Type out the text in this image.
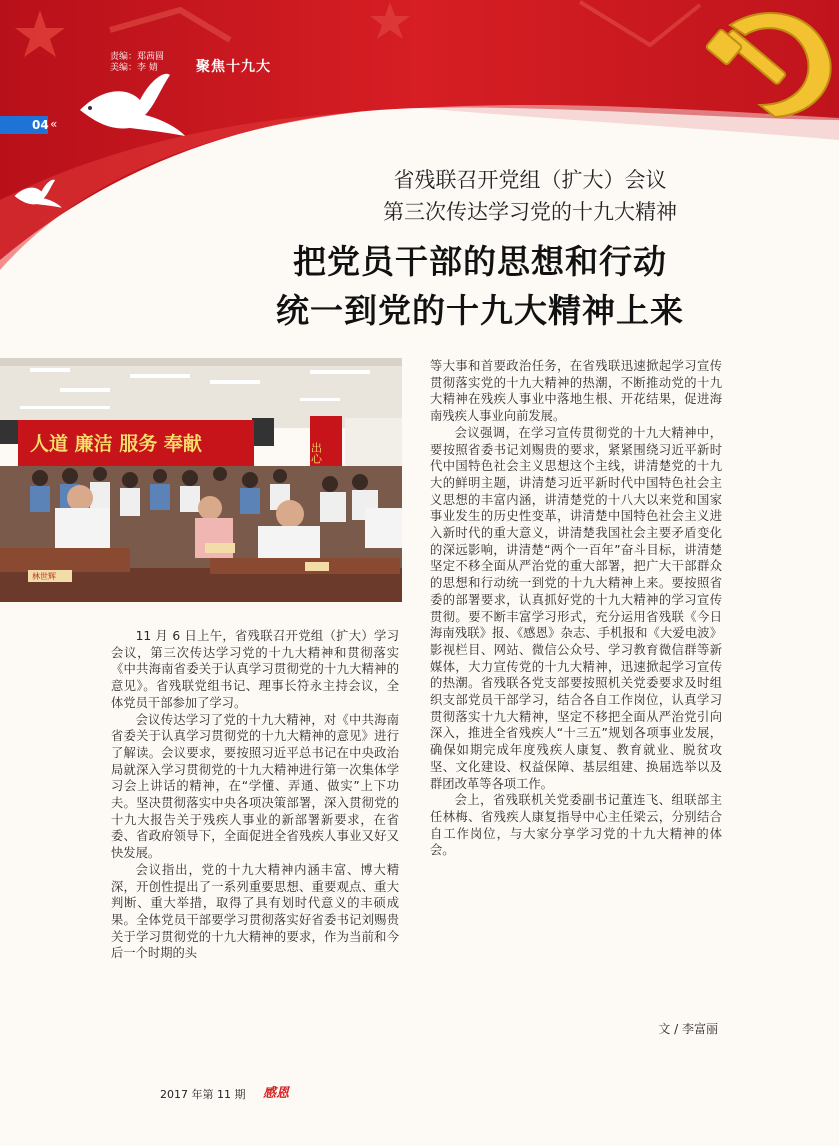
责编：郑茜圆
美编：李 婧	聚焦十九大
04 «
省残联召开党组（扩大）会议
第三次传达学习党的十九大精神
把党员干部的思想和行动
统一到党的十九大精神上来
人道 廉洁 服务 奉献	出心
林世辉

11 月 6 日上午，省残联召开党组（扩大）学习会议，第三次传达学习党的十九大精神和贯彻落实《中共海南省委关于认真学习贯彻党的十九大精神的意见》。省残联党组书记、理事长符永主持会议，全体党员干部参加了学习。

会议传达学习了党的十九大精神，对《中共海南省委关于认真学习贯彻党的十九大精神的意见》进行了解读。会议要求，要按照习近平总书记在中央政治局就深入学习贯彻党的十九大精神进行第一次集体学习会上讲话的精神，在“学懂、弄通、做实”上下功夫。坚决贯彻落实中央各项决策部署，深入贯彻党的十九大报告关于残疾人事业的新部署新要求，在省委、省政府领导下，全面促进全省残疾人事业又好又快发展。

会议指出，党的十九大精神内涵丰富、博大精深，开创性提出了一系列重要思想、重要观点、重大判断、重大举措，取得了具有划时代意义的丰硕成果。全体党员干部要学习贯彻落实好省委书记刘赐贵关于学习贯彻党的十九大精神的要求，作为当前和今后一个时期的头

等大事和首要政治任务，在省残联迅速掀起学习宣传贯彻落实党的十九大精神的热潮，不断推动党的十九大精神在残疾人事业中落地生根、开花结果，促进海南残疾人事业向前发展。

会议强调，在学习宣传贯彻党的十九大精神中，要按照省委书记刘赐贵的要求，紧紧围绕习近平新时代中国特色社会主义思想这个主线，讲清楚党的十九大的鲜明主题，讲清楚习近平新时代中国特色社会主义思想的丰富内涵，讲清楚党的十八大以来党和国家事业发生的历史性变革，讲清楚中国特色社会主义进入新时代的重大意义，讲清楚我国社会主要矛盾变化的深远影响，讲清楚“两个一百年”奋斗目标，讲清楚坚定不移全面从严治党的重大部署，把广大干部群众的思想和行动统一到党的十九大精神上来。要按照省委的部署要求，认真抓好党的十九大精神的学习宣传贯彻。要不断丰富学习形式，充分运用省残联《今日海南残联》报、《感恩》杂志、手机报和《大爱电波》影视栏目、网站、微信公众号、学习教育微信群等新媒体，大力宣传党的十九大精神，迅速掀起学习宣传的热潮。省残联各党支部要按照机关党委要求及时组织支部党员干部学习，结合各自工作岗位，认真学习贯彻落实十九大精神，坚定不移把全面从严治党引向深入，推进全省残疾人“十三五”规划各项事业发展，确保如期完成年度残疾人康复、教育就业、脱贫攻坚、文化建设、权益保障、基层组建、换届选举以及群团改革等各项工作。

会上，省残联机关党委副书记董连飞、组联部主任林梅、省残疾人康复指导中心主任梁云，分别结合自工作岗位，与大家分享学习党的十九大精神的体会。

文 / 李富丽
2017 年第 11 期 感恩
